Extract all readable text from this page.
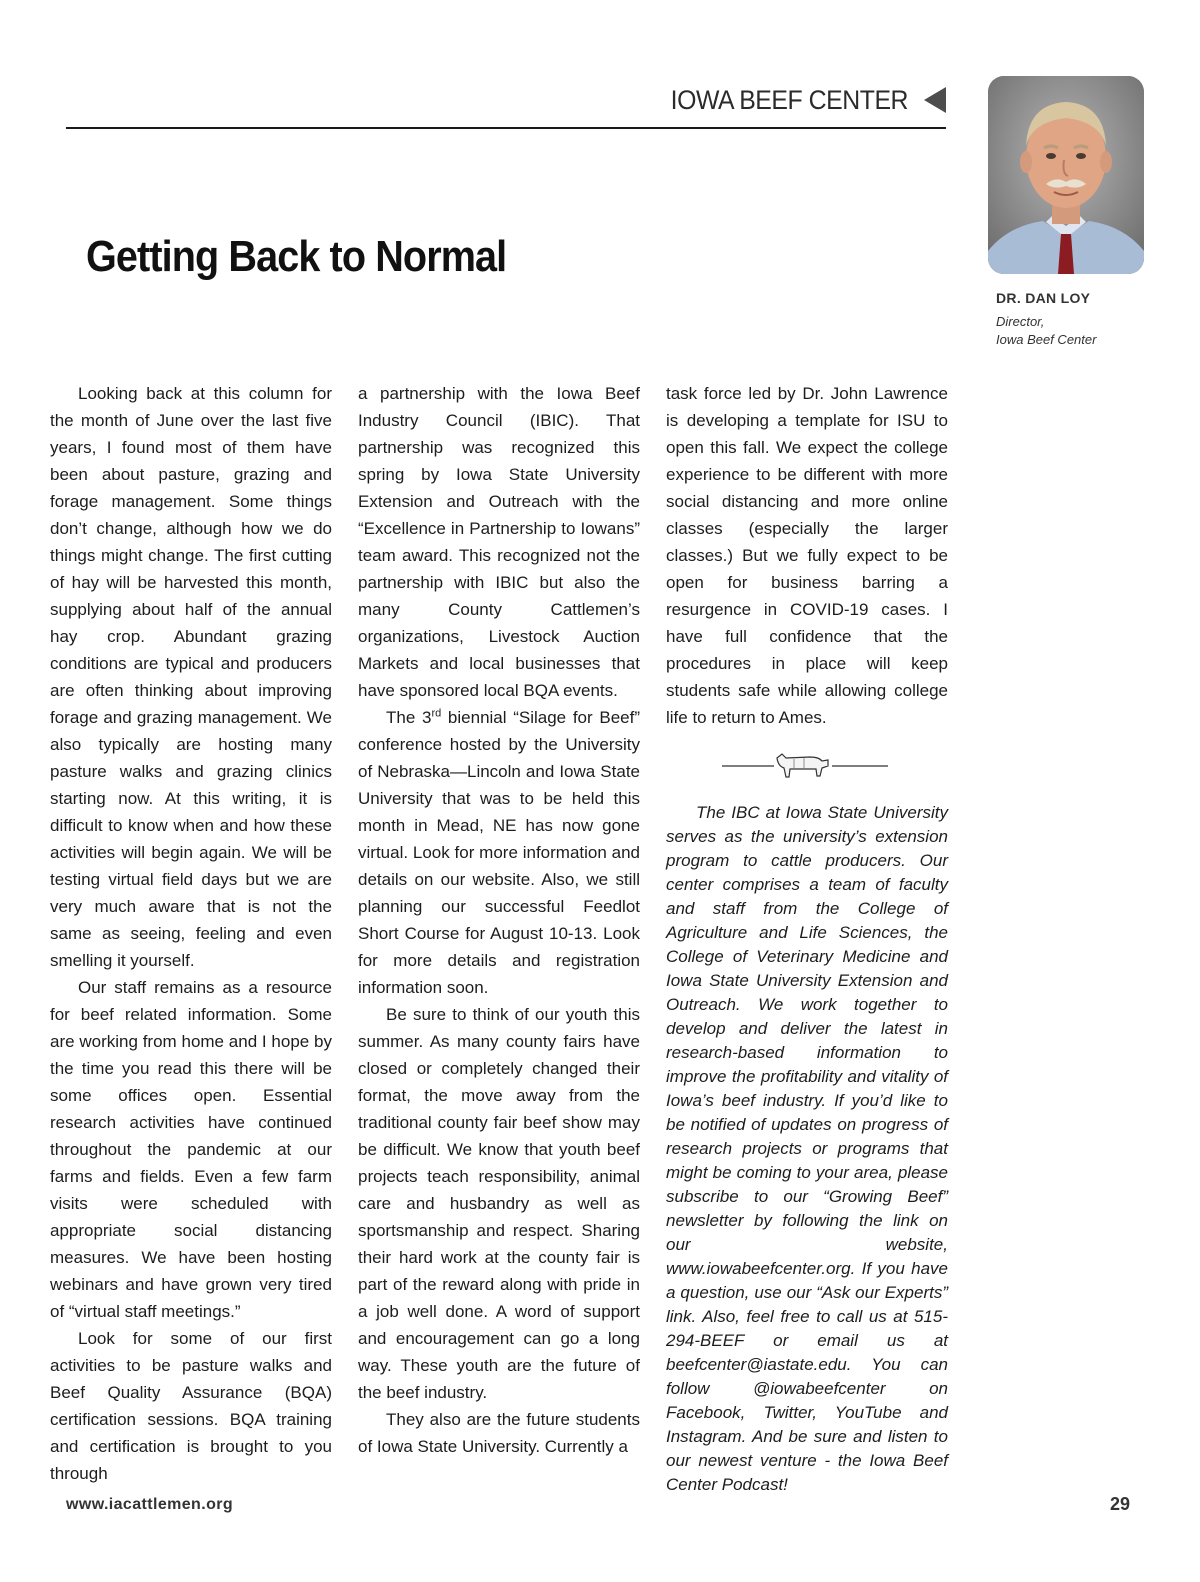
IOWA BEEF CENTER
DR. DAN LOY
Director,
Iowa Beef Center
Getting Back to Normal

Looking back at this column for the month of June over the last five years, I found most of them have been about pasture, grazing and forage management. Some things don’t change, although how we do things might change. The first cutting of hay will be harvested this month, supplying about half of the annual hay crop. Abundant grazing conditions are typical and producers are often thinking about improving forage and grazing management. We also typically are hosting many pasture walks and grazing clinics starting now. At this writing, it is difficult to know when and how these activities will begin again. We will be testing virtual field days but we are very much aware that is not the same as seeing, feeling and even smelling it yourself.

Our staff remains as a resource for beef related information. Some are working from home and I hope by the time you read this there will be some offices open. Essential research activities have continued throughout the pandemic at our farms and fields. Even a few farm visits were scheduled with appropriate social distancing measures. We have been hosting webinars and have grown very tired of “virtual staff meetings.”

Look for some of our first activities to be pasture walks and Beef Quality Assurance (BQA) certification sessions. BQA training and certification is brought to you through

a partnership with the Iowa Beef Industry Council (IBIC). That partnership was recognized this spring by Iowa State University Extension and Outreach with the “Excellence in Partnership to Iowans” team award. This recognized not the partnership with IBIC but also the many County Cattlemen’s organizations, Livestock Auction Markets and local businesses that have sponsored local BQA events.

The 3rd biennial “Silage for Beef” conference hosted by the University of Nebraska—Lincoln and Iowa State University that was to be held this month in Mead, NE has now gone virtual. Look for more information and details on our website. Also, we still planning our successful Feedlot Short Course for August 10-13. Look for more details and registration information soon.

Be sure to think of our youth this summer. As many county fairs have closed or completely changed their format, the move away from the traditional county fair beef show may be difficult. We know that youth beef projects teach responsibility, animal care and husbandry as well as sportsmanship and respect. Sharing their hard work at the county fair is part of the reward along with pride in a job well done. A word of support and encouragement can go a long way. These youth are the future of the beef industry.

They also are the future students of Iowa State University. Currently a

task force led by Dr. John Lawrence is developing a template for ISU to open this fall. We expect the college experience to be different with more social distancing and more online classes (especially the larger classes.) But we fully expect to be open for business barring a resurgence in COVID-19 cases. I have full confidence that the procedures in place will keep students safe while allowing college life to return to Ames.

The IBC at Iowa State University serves as the university’s extension program to cattle producers. Our center comprises a team of faculty and staff from the College of Agriculture and Life Sciences, the College of Veterinary Medicine and Iowa State University Extension and Outreach. We work together to develop and deliver the latest in research-based information to improve the profitability and vitality of Iowa’s beef industry. If you’d like to be notified of updates on progress of research projects or programs that might be coming to your area, please subscribe to our “Growing Beef” newsletter by following the link on our website, www.iowabeefcenter.org. If you have a question, use our “Ask our Experts” link. Also, feel free to call us at 515-294-BEEF or email us at beefcenter@iastate.edu. You can follow @iowabeefcenter on Facebook, Twitter, YouTube and Instagram. And be sure and listen to our newest venture - the Iowa Beef Center Podcast!

www.iacattlemen.org	29
